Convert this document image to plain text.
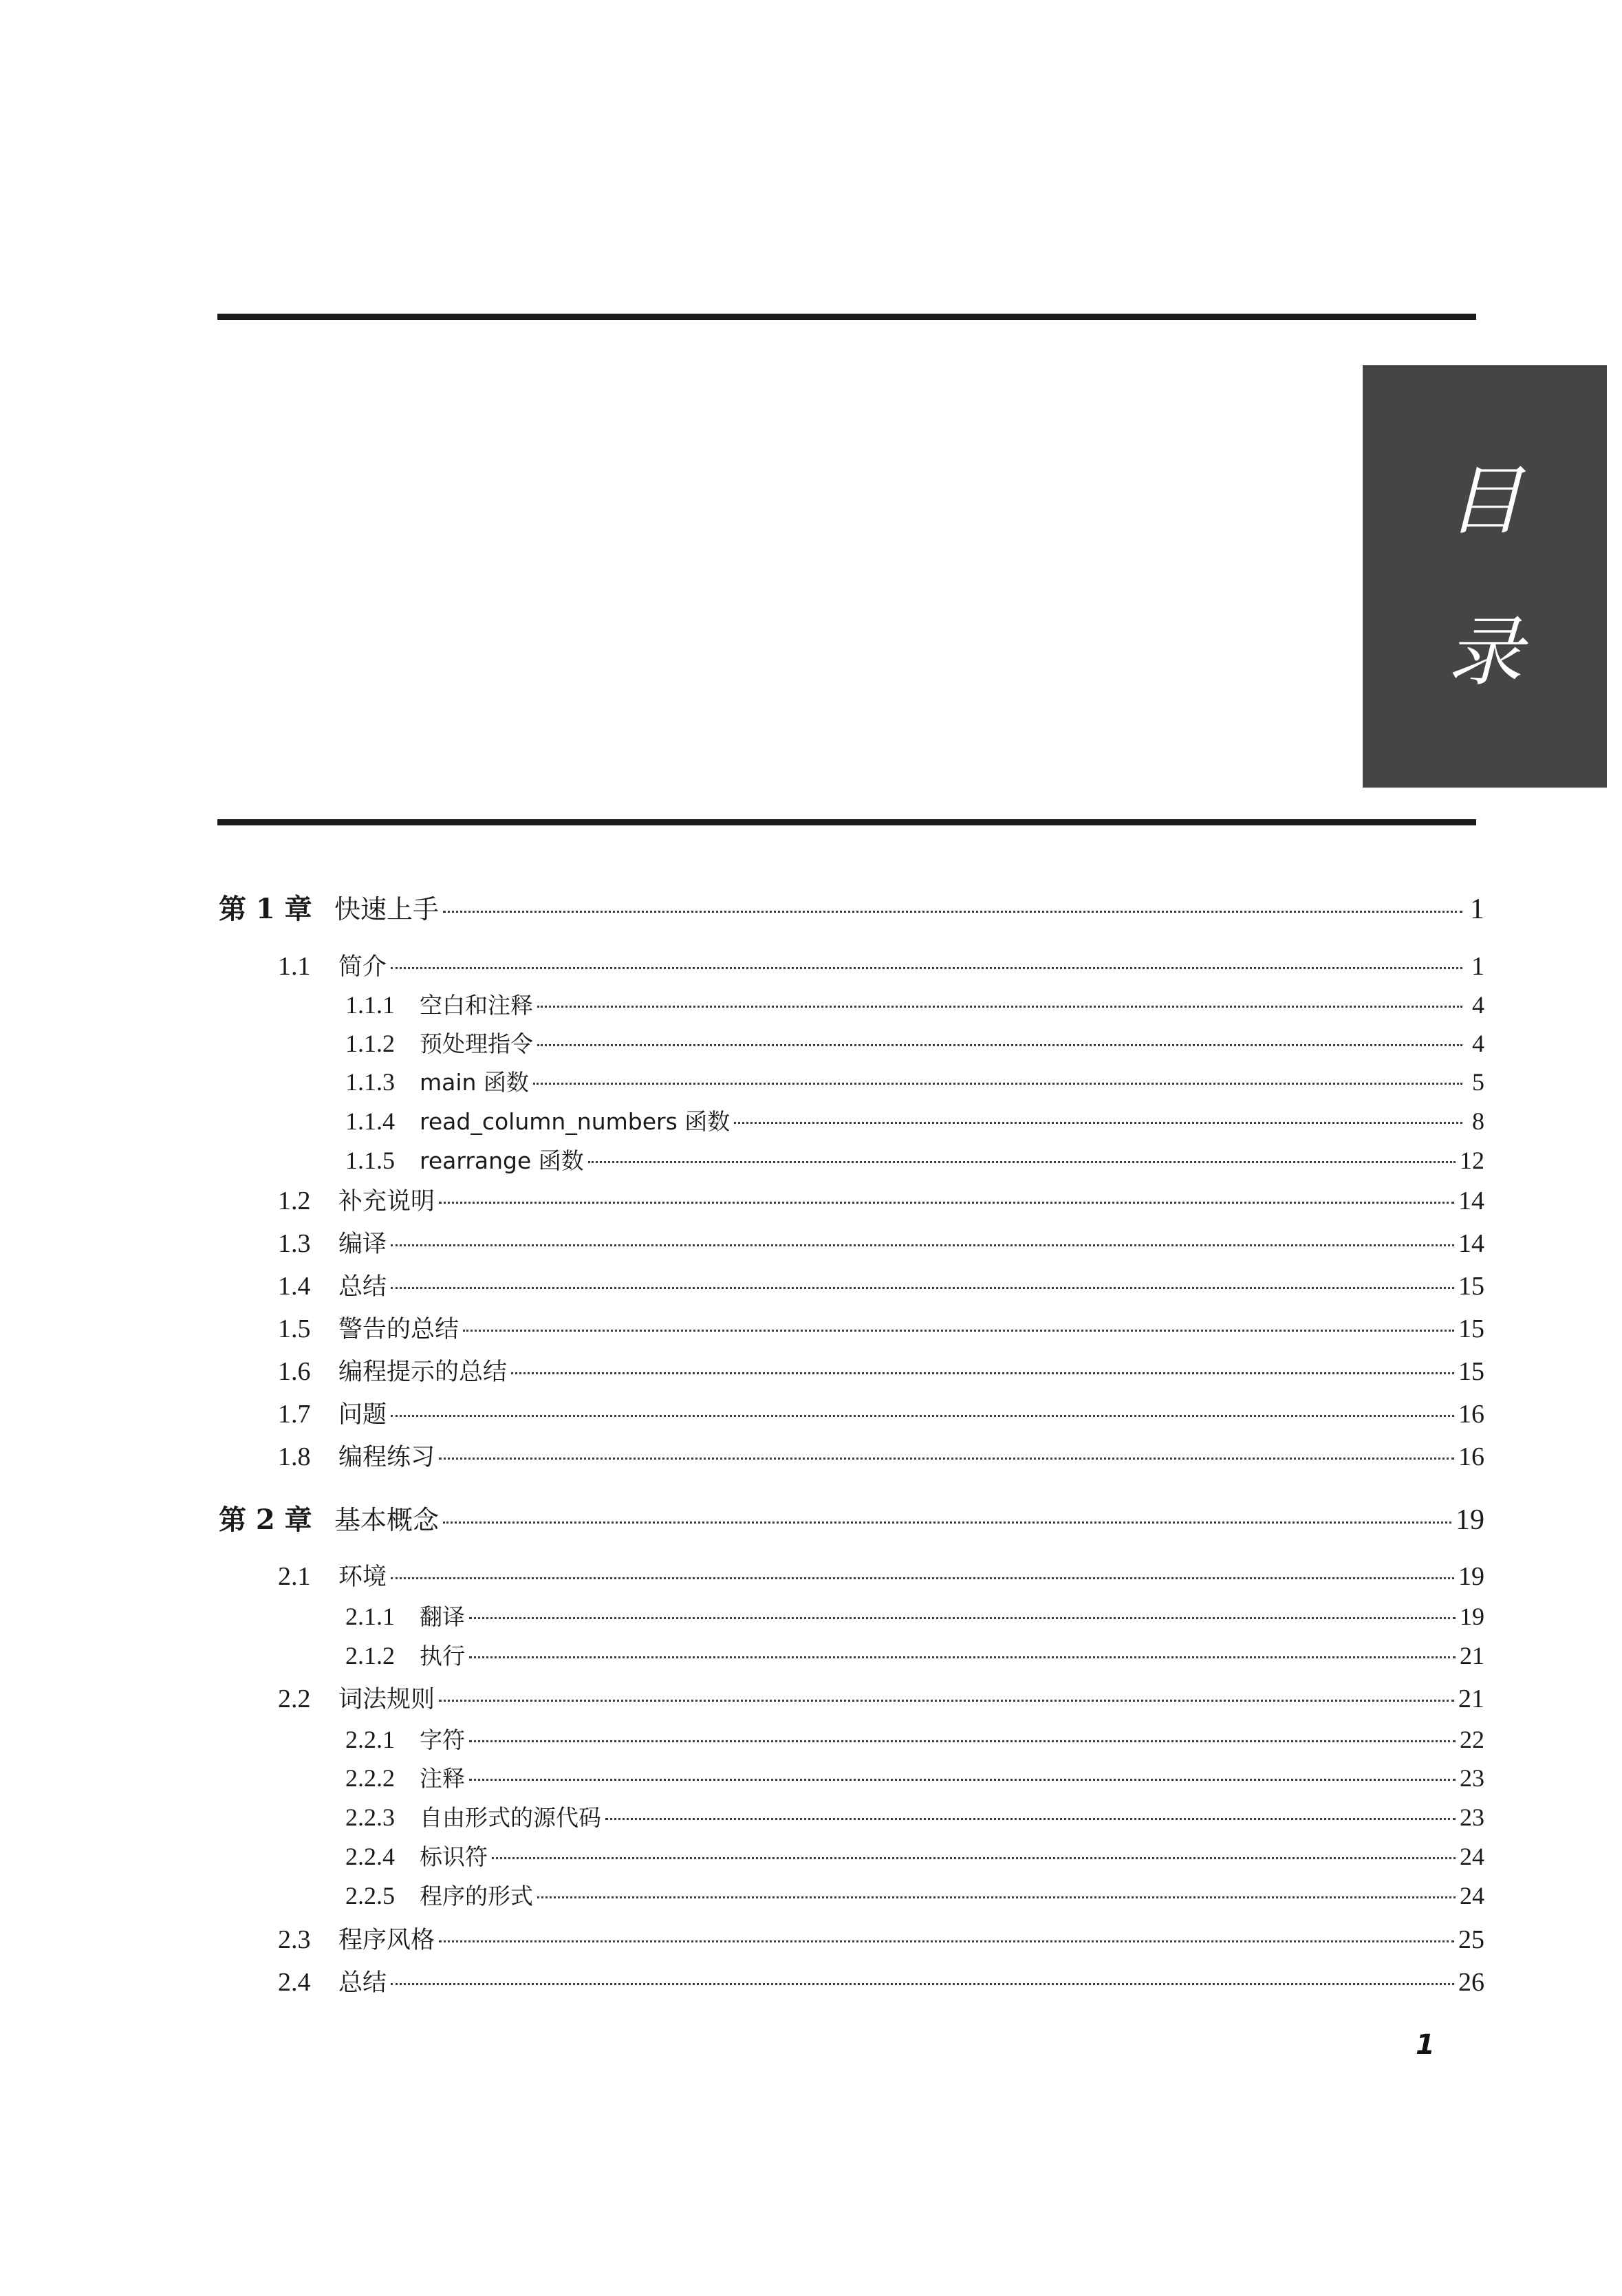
目
录
第 1 章 快速上手	1
1.1	简介	1
1.1.1	空白和注释	4
1.1.2	预处理指令	4
1.1.3	main 函数	5
1.1.4	read_column_numbers 函数	8
1.1.5	rearrange 函数	12
1.2	补充说明	14
1.3	编译	14
1.4	总结	15
1.5	警告的总结	15
1.6	编程提示的总结	15
1.7	问题	16
1.8	编程练习	16
第 2 章 基本概念	19
2.1	环境	19
2.1.1	翻译	19
2.1.2	执行	21
2.2	词法规则	21
2.2.1	字符	22
2.2.2	注释	23
2.2.3	自由形式的源代码	23
2.2.4	标识符	24
2.2.5	程序的形式	24
2.3	程序风格	25
2.4	总结	26
1
